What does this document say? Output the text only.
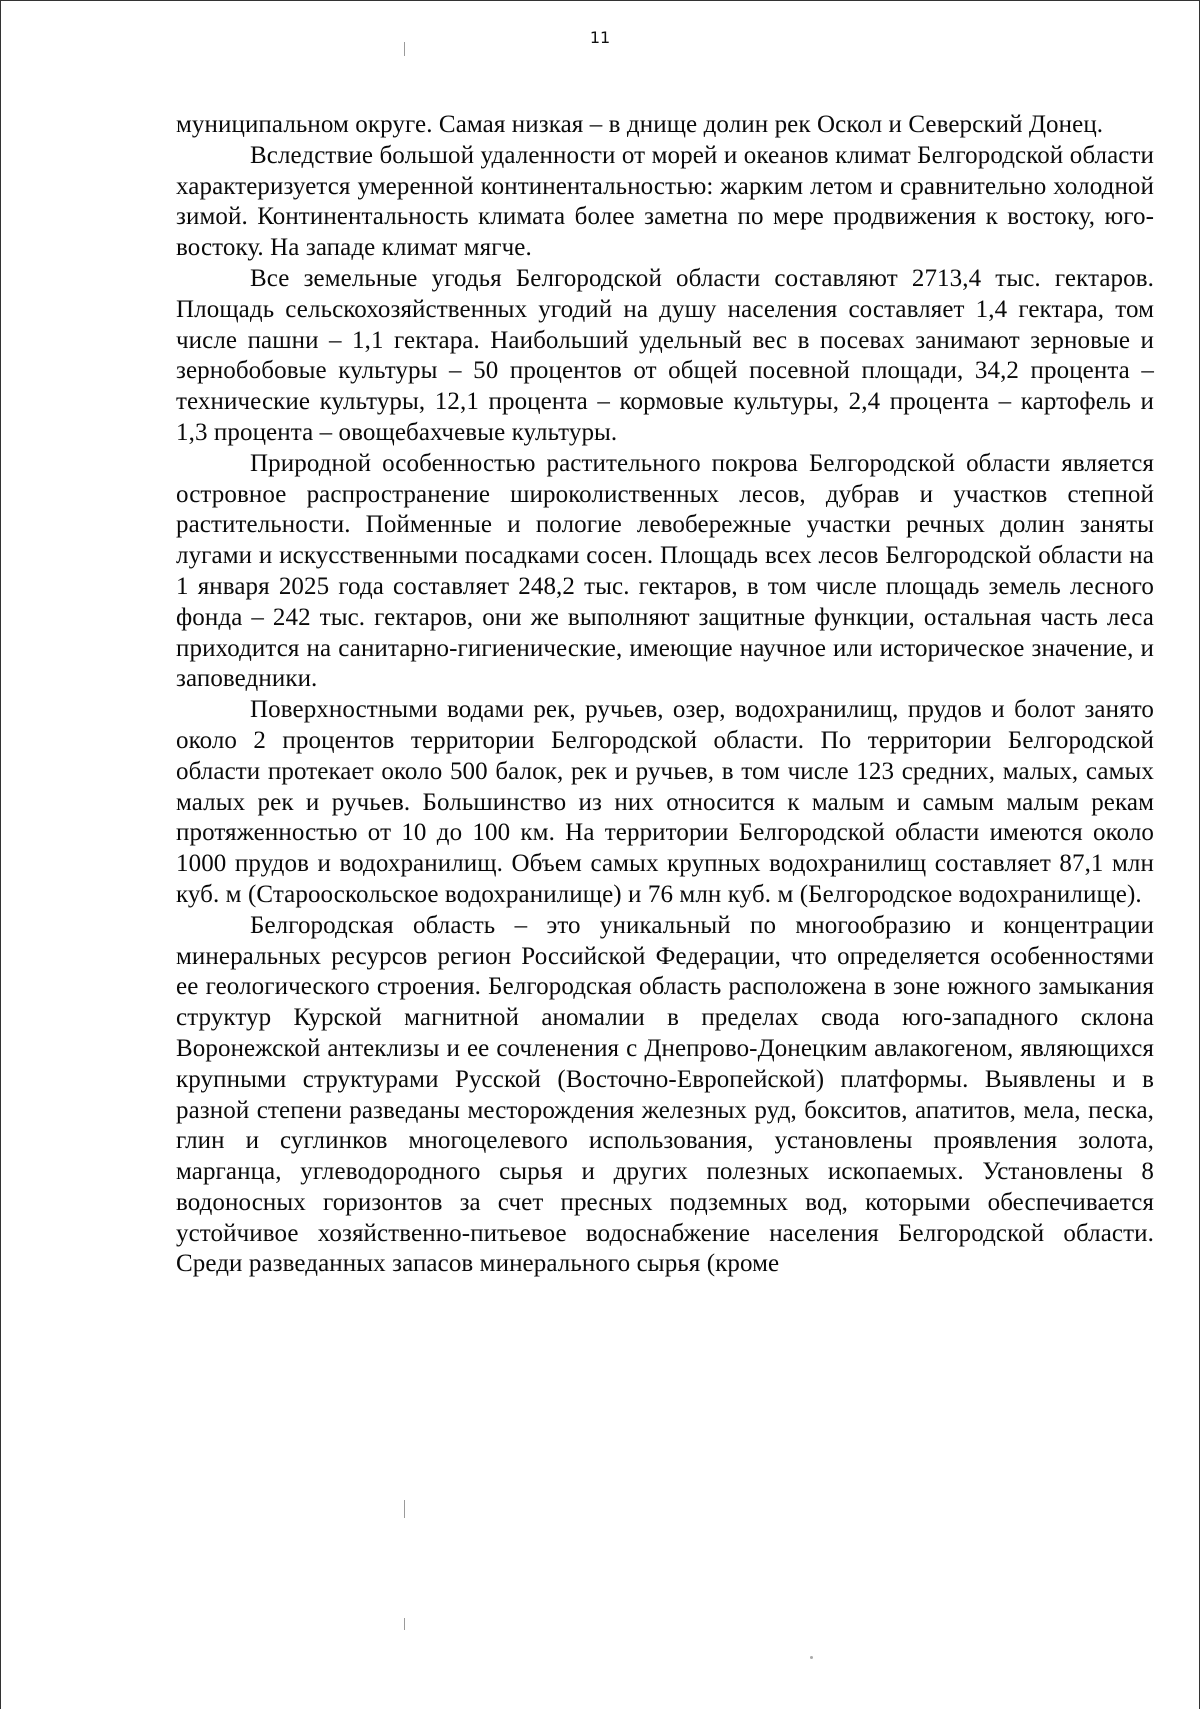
11

муниципальном округе. Самая низкая – в днище долин рек Оскол и Северский Донец.

Вследствие большой удаленности от морей и океанов климат Белгородской области характеризуется умеренной континентальностью: жарким летом и сравнительно холодной зимой. Континентальность климата более заметна по мере продвижения к востоку, юго-востоку. На западе климат мягче.

Все земельные угодья Белгородской области составляют 2713,4 тыс. гектаров. Площадь сельскохозяйственных угодий на душу населения составляет 1,4 гектара, том числе пашни – 1,1 гектара. Наибольший удельный вес в посевах занимают зерновые и зернобобовые культуры – 50 процентов от общей посевной площади, 34,2 процента – технические культуры, 12,1 процента – кормовые культуры, 2,4 процента – картофель и 1,3 процента – овощебахчевые культуры.

Природной особенностью растительного покрова Белгородской области является островное распространение широколиственных лесов, дубрав и участков степной растительности. Пойменные и пологие левобережные участки речных долин заняты лугами и искусственными посадками сосен. Площадь всех лесов Белгородской области на 1 января 2025 года составляет 248,2 тыс. гектаров, в том числе площадь земель лесного фонда – 242 тыс. гектаров, они же выполняют защитные функции, остальная часть леса приходится на санитарно-гигиенические, имеющие научное или историческое значение, и заповедники.

Поверхностными водами рек, ручьев, озер, водохранилищ, прудов и болот занято около 2 процентов территории Белгородской области. По территории Белгородской области протекает около 500 балок, рек и ручьев, в том числе 123 средних, малых, самых малых рек и ручьев. Большинство из них относится к малым и самым малым рекам протяженностью от 10 до 100 км. На территории Белгородской области имеются около 1000 прудов и водохранилищ. Объем самых крупных водохранилищ составляет 87,1 млн куб. м (Старооскольское водохранилище) и 76 млн куб. м (Белгородское водохранилище).

Белгородская область – это уникальный по многообразию и концентрации минеральных ресурсов регион Российской Федерации, что определяется особенностями ее геологического строения. Белгородская область расположена в зоне южного замыкания структур Курской магнитной аномалии в пределах свода юго-западного склона Воронежской антеклизы и ее сочленения с Днепрово-Донецким авлакогеном, являющихся крупными структурами Русской (Восточно-Европейской) платформы. Выявлены и в разной степени разведаны месторождения железных руд, бокситов, апатитов, мела, песка, глин и суглинков многоцелевого использования, установлены проявления золота, марганца, углеводородного сырья и других полезных ископаемых. Установлены 8 водоносных горизонтов за счет пресных подземных вод, которыми обеспечивается устойчивое хозяйственно-питьевое водоснабжение населения Белгородской области. Среди разведанных запасов минерального сырья (кроме
